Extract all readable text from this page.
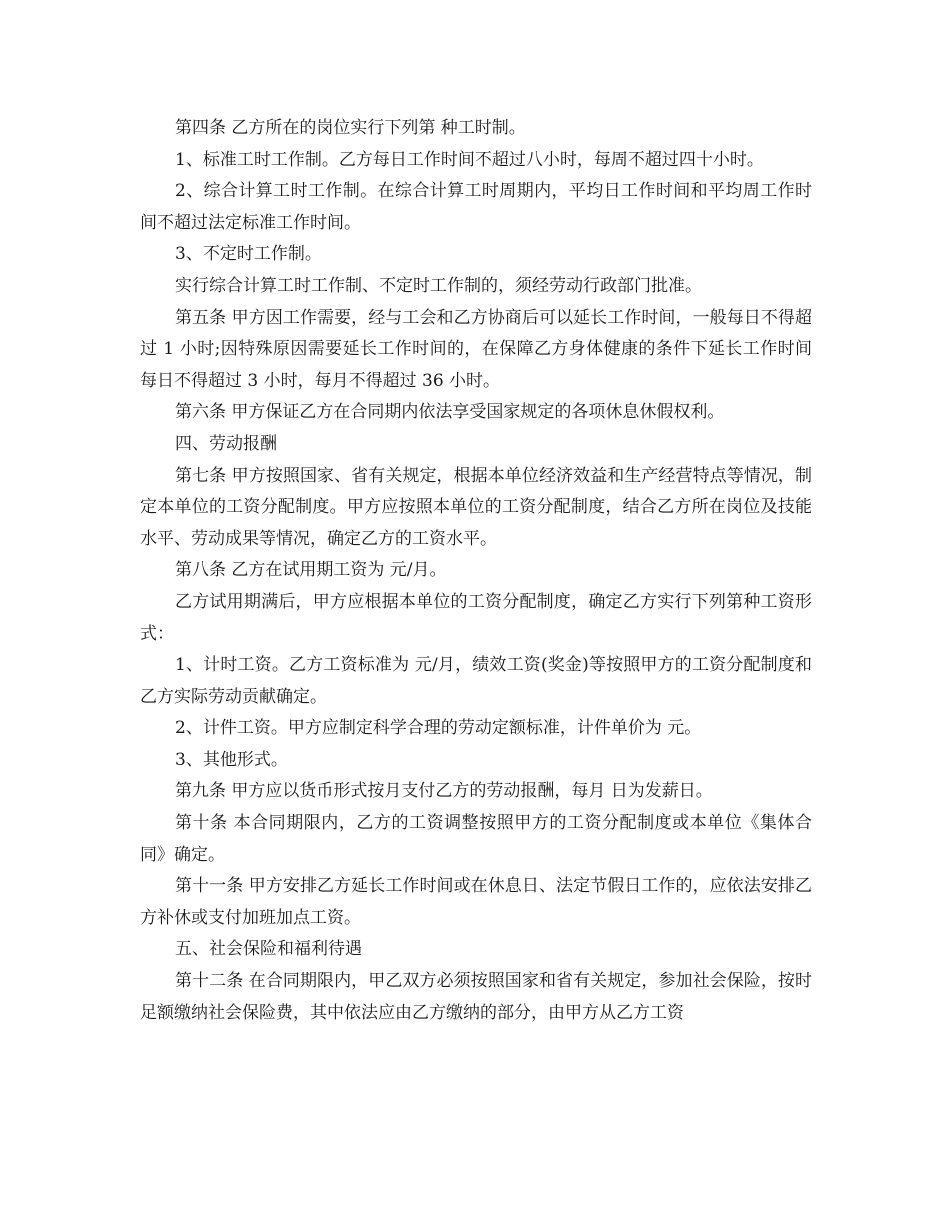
第四条 乙方所在的岗位实行下列第 种工时制。

1、标准工时工作制。乙方每日工作时间不超过八小时，每周不超过四十小时。

2、综合计算工时工作制。在综合计算工时周期内，平均日工作时间和平均周工作时间不超过法定标准工作时间。

3、不定时工作制。

实行综合计算工时工作制、不定时工作制的，须经劳动行政部门批准。

第五条 甲方因工作需要，经与工会和乙方协商后可以延长工作时间，一般每日不得超过 1 小时;因特殊原因需要延长工作时间的，在保障乙方身体健康的条件下延长工作时间每日不得超过 3 小时，每月不得超过 36 小时。

第六条 甲方保证乙方在合同期内依法享受国家规定的各项休息休假权利。

四、劳动报酬

第七条 甲方按照国家、省有关规定，根据本单位经济效益和生产经营特点等情况，制定本单位的工资分配制度。甲方应按照本单位的工资分配制度，结合乙方所在岗位及技能水平、劳动成果等情况，确定乙方的工资水平。

第八条 乙方在试用期工资为 元/月。

乙方试用期满后，甲方应根据本单位的工资分配制度，确定乙方实行下列第种工资形式：

1、计时工资。乙方工资标准为 元/月，绩效工资(奖金)等按照甲方的工资分配制度和乙方实际劳动贡献确定。

2、计件工资。甲方应制定科学合理的劳动定额标准，计件单价为 元。

3、其他形式。

第九条 甲方应以货币形式按月支付乙方的劳动报酬，每月 日为发薪日。

第十条 本合同期限内，乙方的工资调整按照甲方的工资分配制度或本单位《集体合同》确定。

第十一条 甲方安排乙方延长工作时间或在休息日、法定节假日工作的，应依法安排乙方补休或支付加班加点工资。

五、社会保险和福利待遇

第十二条 在合同期限内，甲乙双方必须按照国家和省有关规定，参加社会保险，按时足额缴纳社会保险费，其中依法应由乙方缴纳的部分，由甲方从乙方工资
